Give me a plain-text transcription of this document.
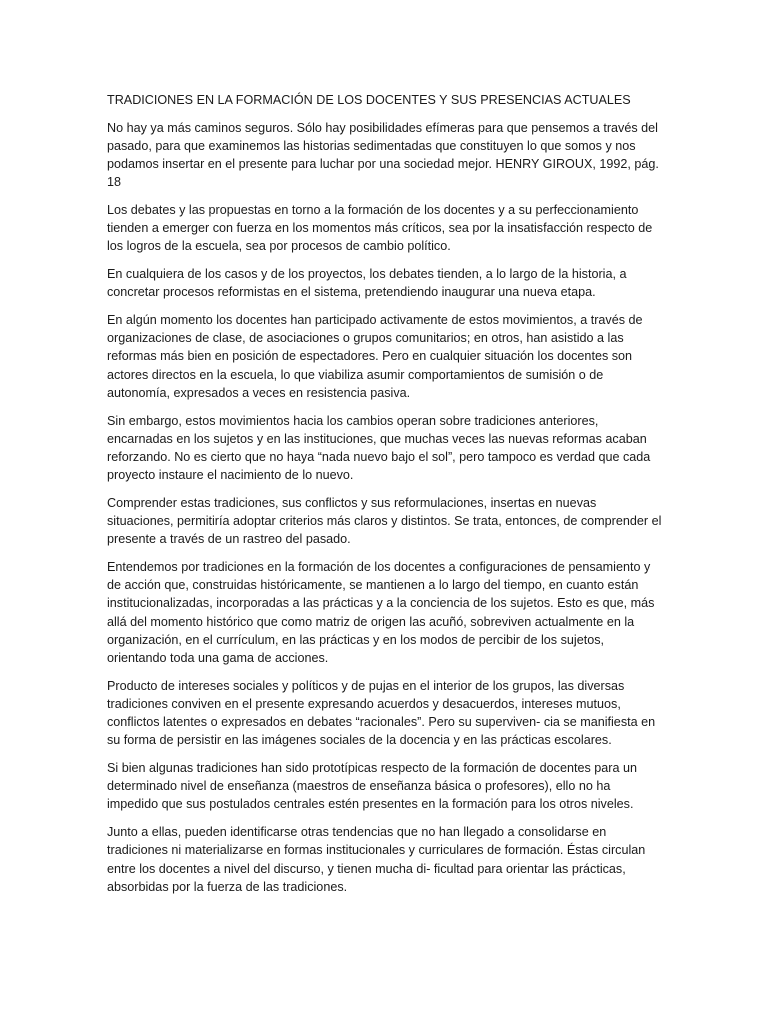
TRADICIONES EN LA FORMACIÓN DE LOS DOCENTES Y SUS PRESENCIAS ACTUALES

No hay ya más caminos seguros. Sólo hay posibilidades efímeras para que pensemos a través del pasado, para que examinemos las historias sedimentadas que constituyen lo que somos y nos podamos insertar en el presente para luchar por una sociedad mejor. HENRY GIROUX, 1992, pág. 18

Los debates y las propuestas en torno a la formación de los docentes y a su perfeccionamiento tienden a emerger con fuerza en los momentos más críticos, sea por la insatisfacción respecto de los logros de la escuela, sea por procesos de cambio político.

En cualquiera de los casos y de los proyectos, los debates tienden, a lo largo de la historia, a concretar procesos reformistas en el sistema, pretendiendo inaugurar una nueva etapa.

En algún momento los docentes han participado activamente de estos movimientos, a través de organizaciones de clase, de asociaciones o grupos comunitarios; en otros, han asistido a las reformas más bien en posición de espectadores. Pero en cualquier situación los docentes son actores directos en la escuela, lo que viabiliza asumir comportamientos de sumisión o de autonomía, expresados a veces en resistencia pasiva.

Sin embargo, estos movimientos hacia los cambios operan sobre tradiciones anteriores, encarnadas en los sujetos y en las instituciones, que muchas veces las nuevas reformas acaban reforzando. No es cierto que no haya “nada nuevo bajo el sol”, pero tampoco es verdad que cada proyecto instaure el nacimiento de lo nuevo.

Comprender estas tradiciones, sus conflictos y sus reformulaciones, insertas en nuevas situaciones, permitiría adoptar criterios más claros y distintos. Se trata, entonces, de comprender el presente a través de un rastreo del pasado.

Entendemos por tradiciones en la formación de los docentes a configuraciones de pensamiento y de acción que, construidas históricamente, se mantienen a lo largo del tiempo, en cuanto están institucionalizadas, incorporadas a las prácticas y a la conciencia de los sujetos. Esto es que, más allá del momento histórico que como matriz de origen las acuñó, sobreviven actualmente en la organización, en el currículum, en las prácticas y en los modos de percibir de los sujetos, orientando toda una gama de acciones.

Producto de intereses sociales y políticos y de pujas en el interior de los grupos, las diversas tradiciones conviven en el presente expresando acuerdos y desacuerdos, intereses mutuos, conflictos latentes o expresados en debates “racionales”. Pero su superviven- cia se manifiesta en su forma de persistir en las imágenes sociales de la docencia y en las prácticas escolares.

Si bien algunas tradiciones han sido prototípicas respecto de la formación de docentes para un determinado nivel de enseñanza (maestros de enseñanza básica o profesores), ello no ha impedido que sus postulados centrales estén presentes en la formación para los otros niveles.

Junto a ellas, pueden identificarse otras tendencias que no han llegado a consolidarse en tradiciones ni materializarse en formas institucionales y curriculares de formación. Éstas circulan entre los docentes a nivel del discurso, y tienen mucha di- ficultad para orientar las prácticas, absorbidas por la fuerza de las tradiciones.
